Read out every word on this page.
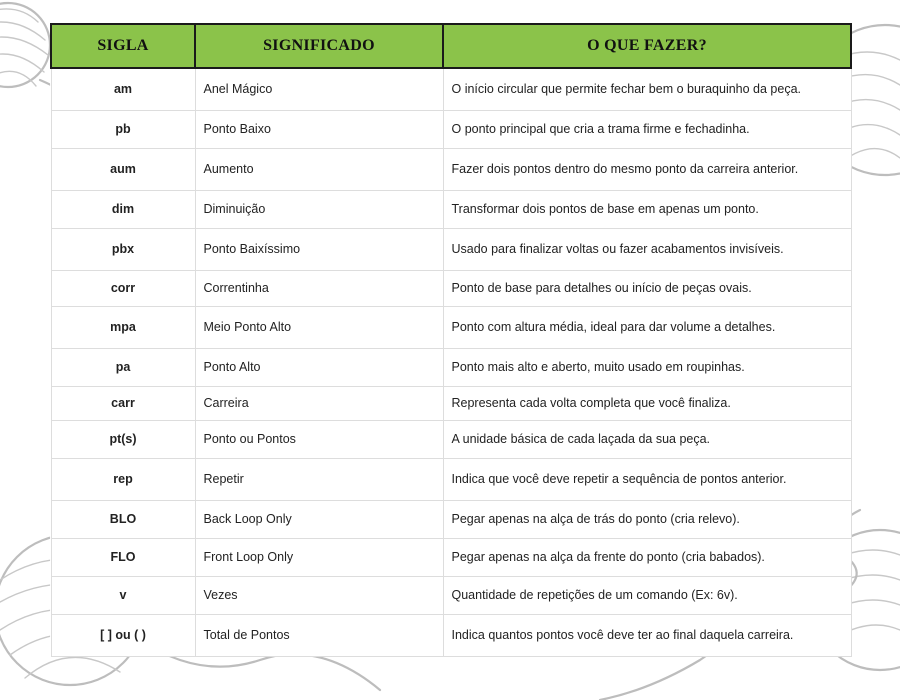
SIGLA	SIGNIFICADO	O QUE FAZER?
am	Anel Mágico	O início circular que permite fechar bem o buraquinho da peça.
pb	Ponto Baixo	O ponto principal que cria a trama firme e fechadinha.
aum	Aumento	Fazer dois pontos dentro do mesmo ponto da carreira anterior.
dim	Diminuição	Transformar dois pontos de base em apenas um ponto.
pbx	Ponto Baixíssimo	Usado para finalizar voltas ou fazer acabamentos invisíveis.
corr	Correntinha	Ponto de base para detalhes ou início de peças ovais.
mpa	Meio Ponto Alto	Ponto com altura média, ideal para dar volume a detalhes.
pa	Ponto Alto	Ponto mais alto e aberto, muito usado em roupinhas.
carr	Carreira	Representa cada volta completa que você finaliza.
pt(s)	Ponto ou Pontos	A unidade básica de cada laçada da sua peça.
rep	Repetir	Indica que você deve repetir a sequência de pontos anterior.
BLO	Back Loop Only	Pegar apenas na alça de trás do ponto (cria relevo).
FLO	Front Loop Only	Pegar apenas na alça da frente do ponto (cria babados).
v	Vezes	Quantidade de repetições de um comando (Ex: 6v).
[ ] ou ( )	Total de Pontos	Indica quantos pontos você deve ter ao final daquela carreira.
